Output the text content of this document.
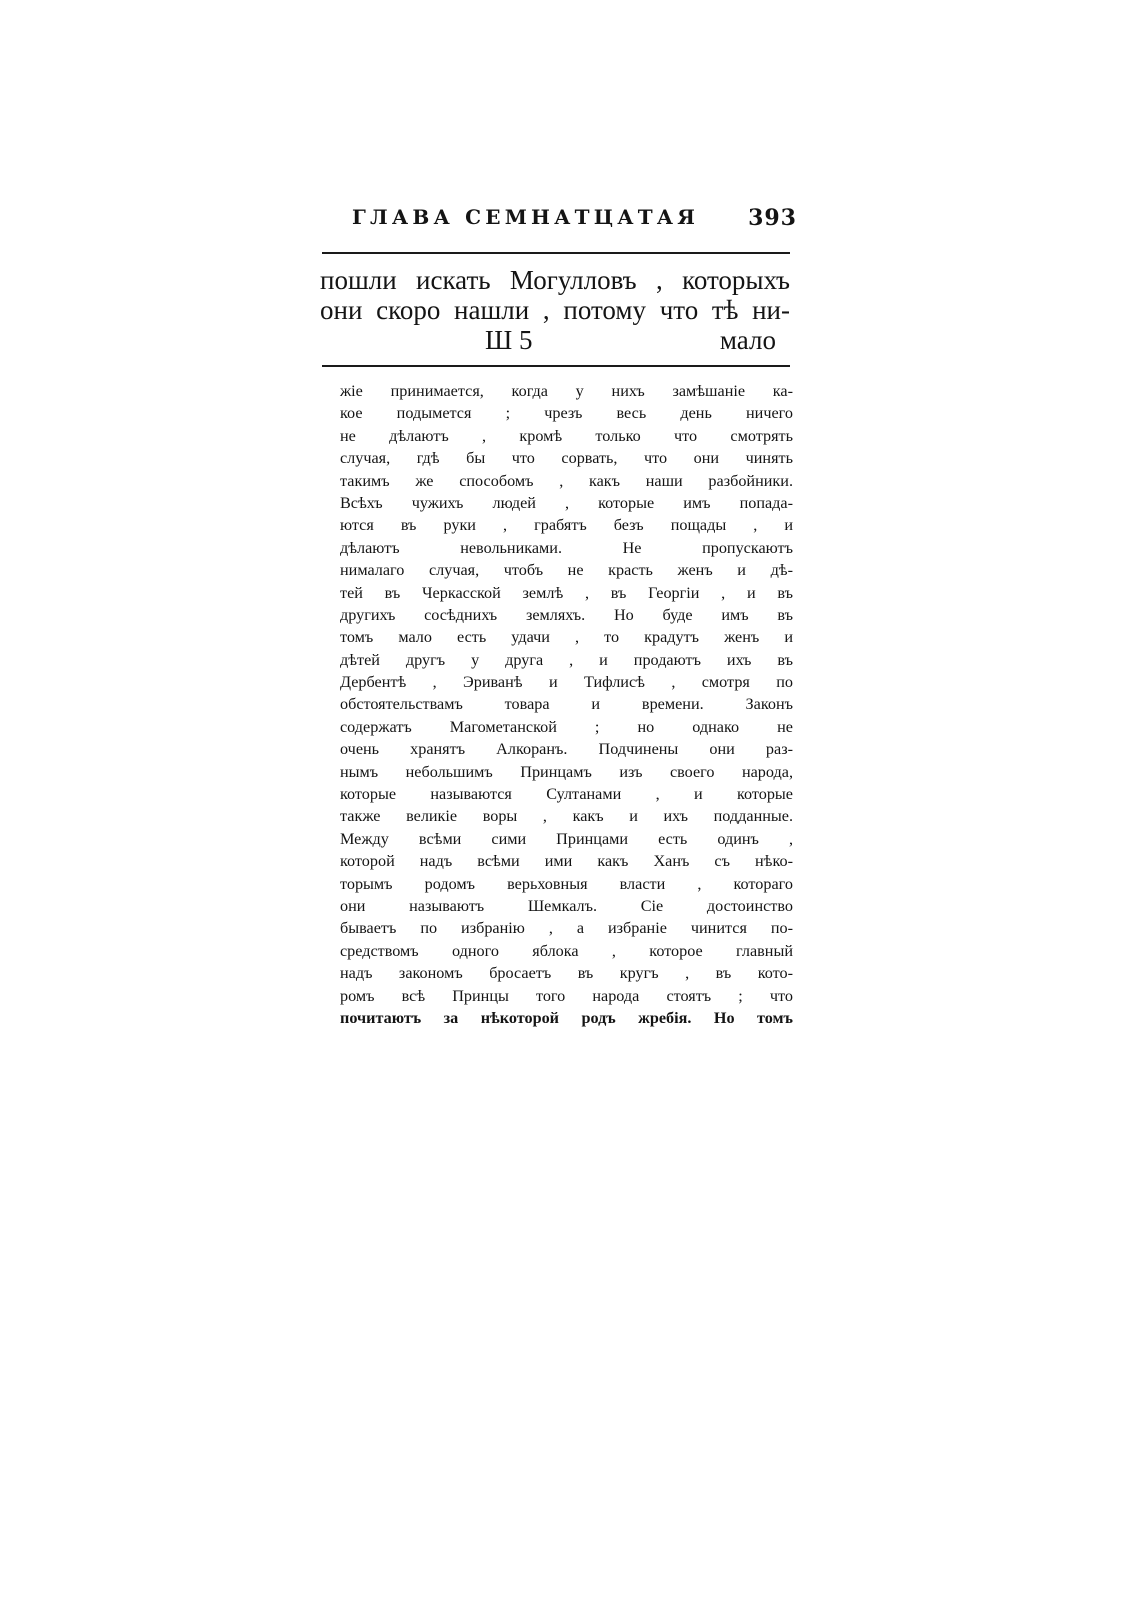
ГЛАВА СЕМНАТЦАТАЯ 393
пошли искать Могулловъ , которыхъ
они скоро нашли , потому что тѣ ни-
Ш 5	мало
жіе принимается, когда у нихъ замѣшаніе ка-
кое подымется ; чрезъ весь день ничего
не дѣлаютъ , кромѣ только что смотрять
случая, гдѣ бы что сорвать, что они чинять
такимъ же способомъ , какъ наши разбойники.
Всѣхъ чужихъ людей , которые имъ попада-
ются въ руки , грабятъ безъ пощады , и
дѣлаютъ невольниками. Не пропускаютъ
нималаго случая, чтобъ не красть женъ и дѣ-
тей въ Черкасской землѣ , въ Георгіи , и въ
другихъ сосѣднихъ земляхъ. Но буде имъ въ
томъ мало есть удачи , то крадутъ женъ и
дѣтей другъ у друга , и продаютъ ихъ въ
Дербентѣ , Эриванѣ и Тифлисѣ , смотря по
обстоятельствамъ товара и времени. Законъ
содержатъ Магометанской ; но однако не
очень хранятъ Алкоранъ. Подчинены они раз-
нымъ небольшимъ Принцамъ изъ своего народа,
которые называются Султанами , и которые
также великіе воры , какъ и ихъ подданные.
Между всѣми сими Принцами есть одинъ ,
которой надъ всѣми ими какъ Ханъ съ нѣко-
торымъ родомъ верьховныя власти , котораго
они называютъ Шемкалъ. Сіе достоинство
бываетъ по избранію , а избраніе чинится по-
средствомъ одного яблока , которое главный
надъ закономъ бросаетъ въ кругъ , въ кото-
ромъ всѣ Принцы того народа стоятъ ; что
почитаютъ за нѣкоторой родъ жребія. Но томъ
